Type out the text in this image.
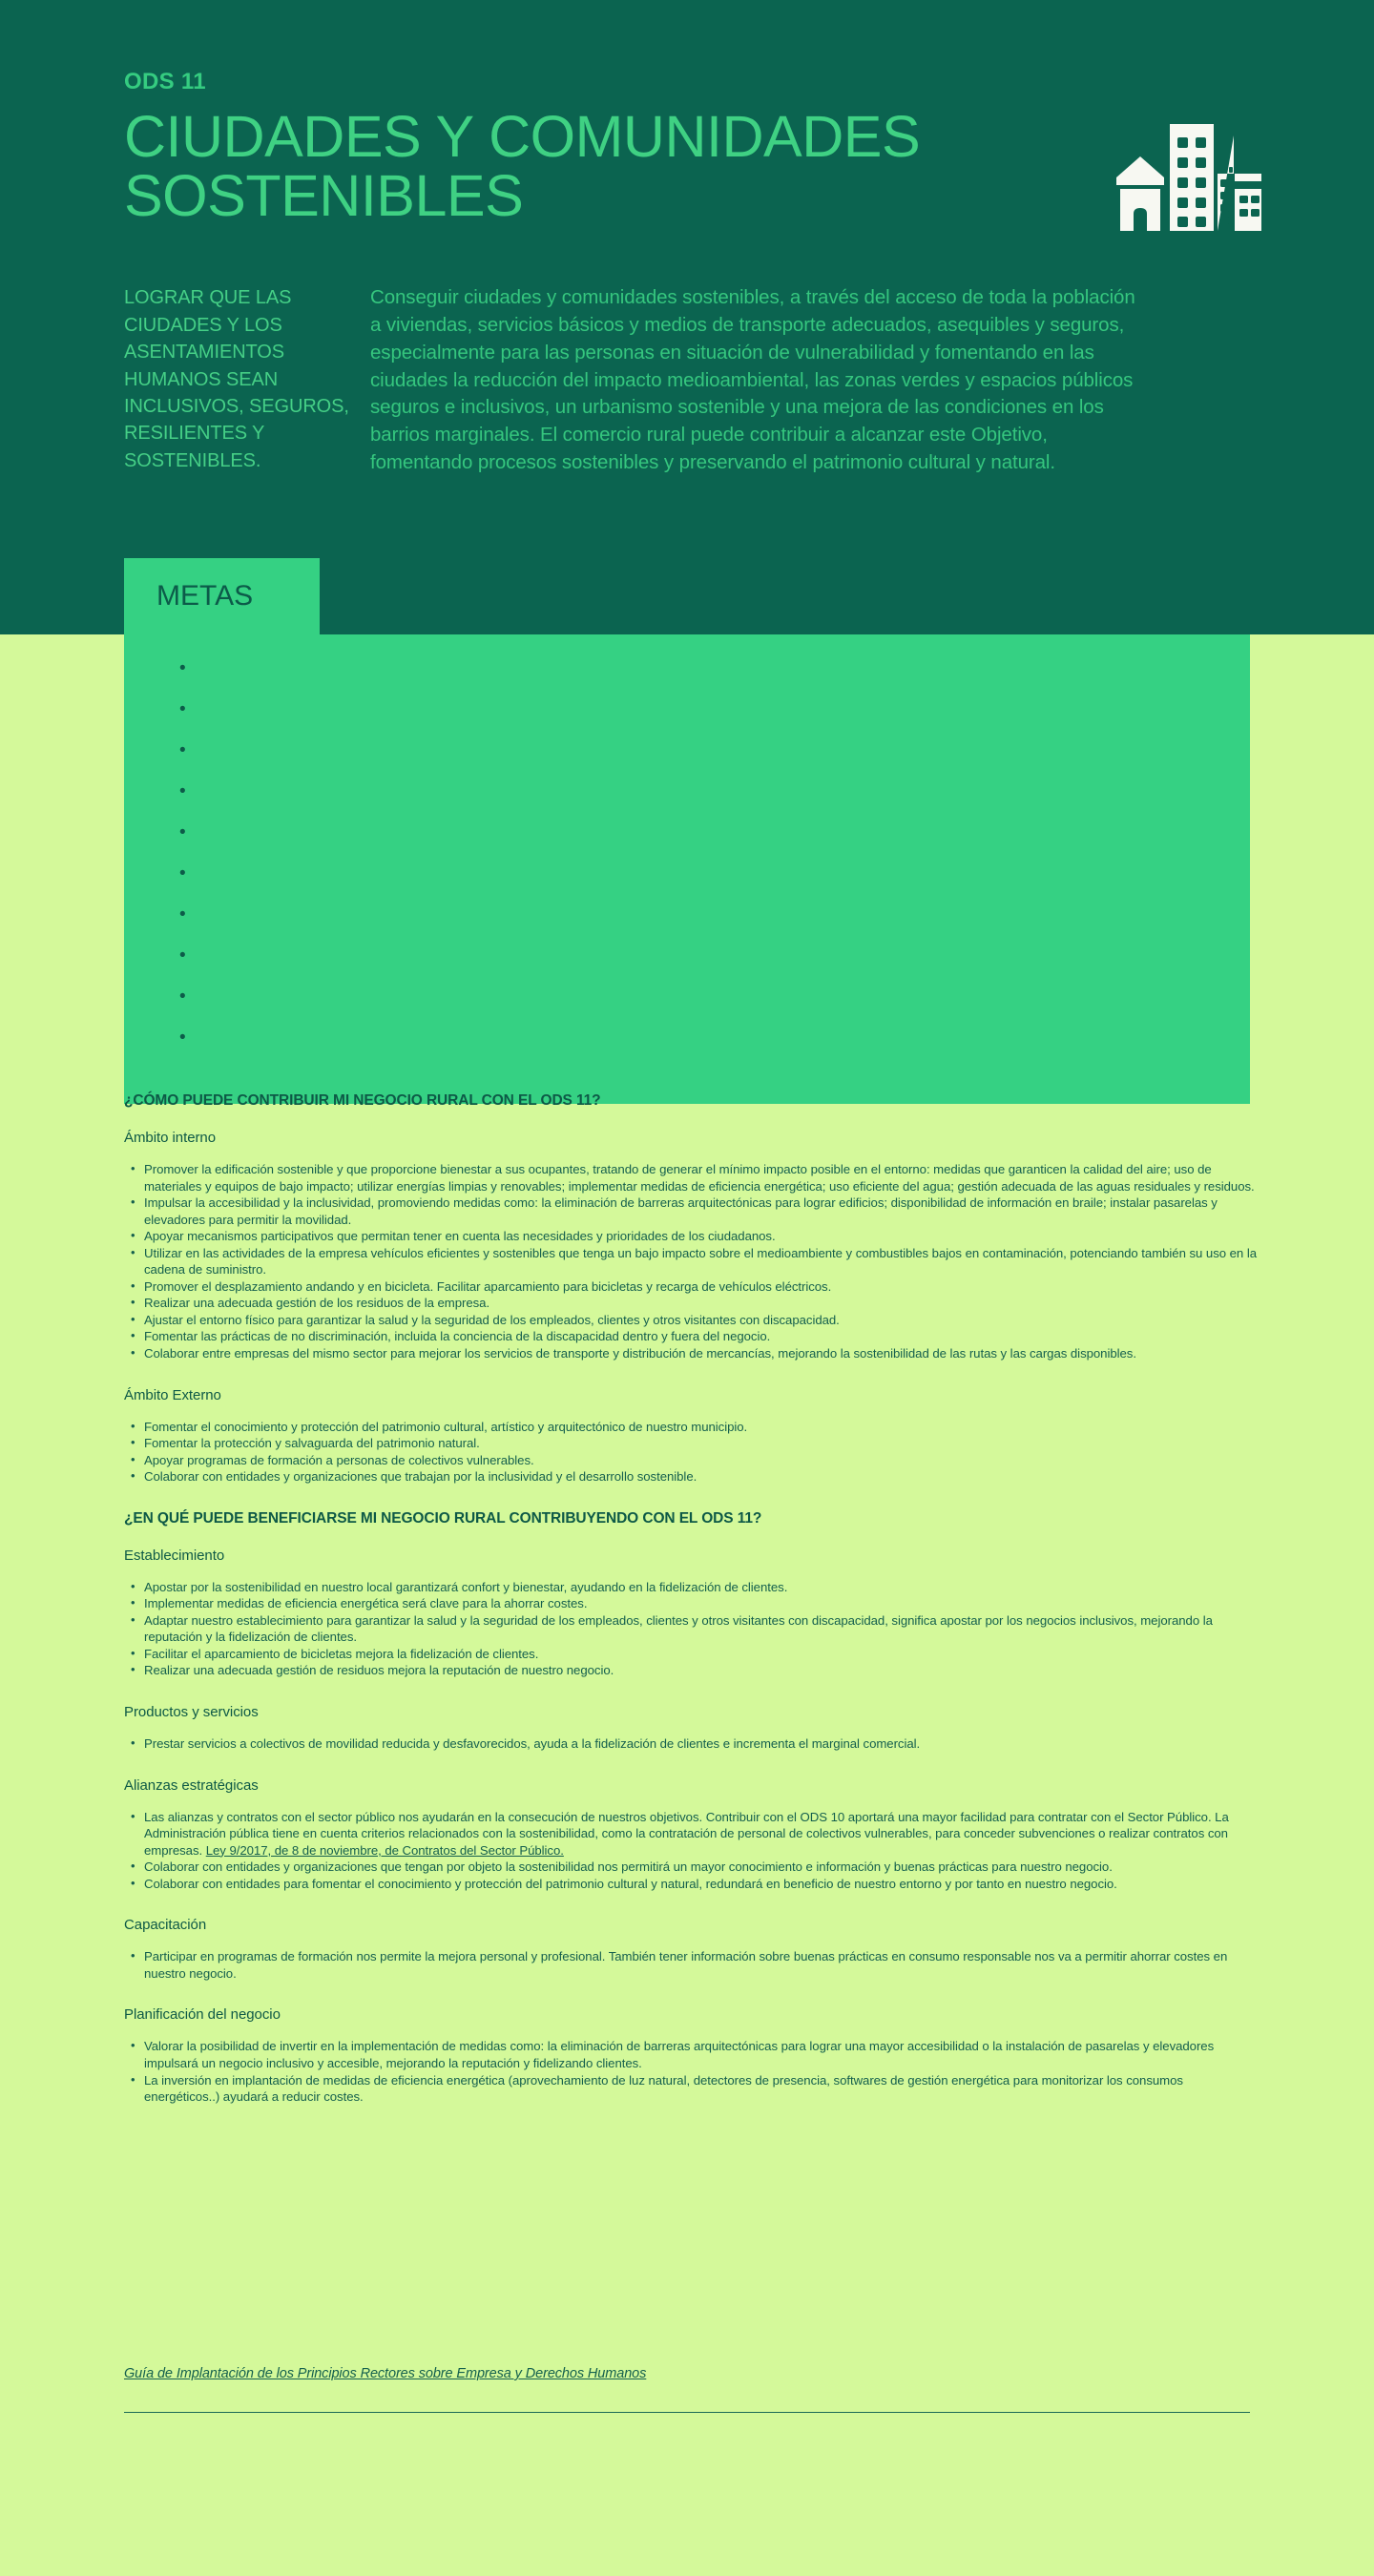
ODS 11
CIUDADES Y COMUNIDADES
SOSTENIBLES
LOGRAR QUE LAS CIUDADES Y LOS ASENTAMIENTOS HUMANOS SEAN INCLUSIVOS, SEGUROS, RESILIENTES Y SOSTENIBLES.
Conseguir ciudades y comunidades sostenibles, a través del acceso de toda la población a viviendas, servicios básicos y medios de transporte adecuados, asequibles y seguros, especialmente para las personas en situación de vulnerabilidad y fomentando en las ciudades la reducción del impacto medioambiental, las zonas verdes y espacios públicos seguros e inclusivos, un urbanismo sostenible y una mejora de las condiciones en los barrios marginales. El comercio rural puede contribuir a alcanzar este Objetivo, fomentando procesos sostenibles y preservando el patrimonio cultural y natural.
METAS
•
•
•
•
•
•
•
•
•
•
¿CÓMO PUEDE CONTRIBUIR MI NEGOCIO RURAL CON EL ODS 11?
Ámbito interno
• Promover la edificación sostenible y que proporcione bienestar a sus ocupantes, tratando de generar el mínimo impacto posible en el entorno: medidas que garanticen la calidad del aire; uso de materiales y equipos de bajo impacto; utilizar energías limpias y renovables; implementar medidas de eficiencia energética; uso eficiente del agua; gestión adecuada de las aguas residuales y residuos.
• Impulsar la accesibilidad y la inclusividad, promoviendo medidas como: la eliminación de barreras arquitectónicas para lograr edificios; disponibilidad de información en braile; instalar pasarelas y elevadores para permitir la movilidad.
• Apoyar mecanismos participativos que permitan tener en cuenta las necesidades y prioridades de los ciudadanos.
• Utilizar en las actividades de la empresa vehículos eficientes y sostenibles que tenga un bajo impacto sobre el medioambiente y combustibles bajos en contaminación, potenciando también su uso en la cadena de suministro.
• Promover el desplazamiento andando y en bicicleta. Facilitar aparcamiento para bicicletas y recarga de vehículos eléctricos.
• Realizar una adecuada gestión de los residuos de la empresa.
• Ajustar el entorno físico para garantizar la salud y la seguridad de los empleados, clientes y otros visitantes con discapacidad.
• Fomentar las prácticas de no discriminación, incluida la conciencia de la discapacidad dentro y fuera del negocio.
• Colaborar entre empresas del mismo sector para mejorar los servicios de transporte y distribución de mercancías, mejorando la sostenibilidad de las rutas y las cargas disponibles.
Ámbito Externo
• Fomentar el conocimiento y protección del patrimonio cultural, artístico y arquitectónico de nuestro municipio.
• Fomentar la protección y salvaguarda del patrimonio natural.
• Apoyar programas de formación a personas de colectivos vulnerables.
• Colaborar con entidades y organizaciones que trabajan por la inclusividad y el desarrollo sostenible.
¿EN QUÉ PUEDE BENEFICIARSE MI NEGOCIO RURAL CONTRIBUYENDO CON EL ODS 11?
Establecimiento
• Apostar por la sostenibilidad en nuestro local garantizará confort y bienestar, ayudando en la fidelización de clientes.
• Implementar medidas de eficiencia energética será clave para la ahorrar costes.
• Adaptar nuestro establecimiento para garantizar la salud y la seguridad de los empleados, clientes y otros visitantes con discapacidad, significa apostar por los negocios inclusivos, mejorando la reputación y la fidelización de clientes.
• Facilitar el aparcamiento de bicicletas mejora la fidelización de clientes.
• Realizar una adecuada gestión de residuos mejora la reputación de nuestro negocio.
Productos y servicios
• Prestar servicios a colectivos de movilidad reducida y desfavorecidos, ayuda a la fidelización de clientes e incrementa el marginal comercial.
Alianzas estratégicas
• Las alianzas y contratos con el sector público nos ayudarán en la consecución de nuestros objetivos. Contribuir con el ODS 10 aportará una mayor facilidad para contratar con el Sector Público. La Administración pública tiene en cuenta criterios relacionados con la sostenibilidad, como la contratación de personal de colectivos vulnerables, para conceder subvenciones o realizar contratos con empresas. Ley 9/2017, de 8 de noviembre, de Contratos del Sector Público.
• Colaborar con entidades y organizaciones que tengan por objeto la sostenibilidad nos permitirá un mayor conocimiento e información y buenas prácticas para nuestro negocio.
• Colaborar con entidades para fomentar el conocimiento y protección del patrimonio cultural y natural, redundará en beneficio de nuestro entorno y por tanto en nuestro negocio.
Capacitación
• Participar en programas de formación nos permite la mejora personal y profesional. También tener información sobre buenas prácticas en consumo responsable nos va a permitir ahorrar costes en nuestro negocio.
Planificación del negocio
• Valorar la posibilidad de invertir en la implementación de medidas como: la eliminación de barreras arquitectónicas para lograr una mayor accesibilidad o la instalación de pasarelas y elevadores impulsará un negocio inclusivo y accesible, mejorando la reputación y fidelizando clientes.
• La inversión en implantación de medidas de eficiencia energética (aprovechamiento de luz natural, detectores de presencia, softwares de gestión energética para monitorizar los consumos energéticos..) ayudará a reducir costes.
Guía de Implantación de los Principios Rectores sobre Empresa y Derechos Humanos
